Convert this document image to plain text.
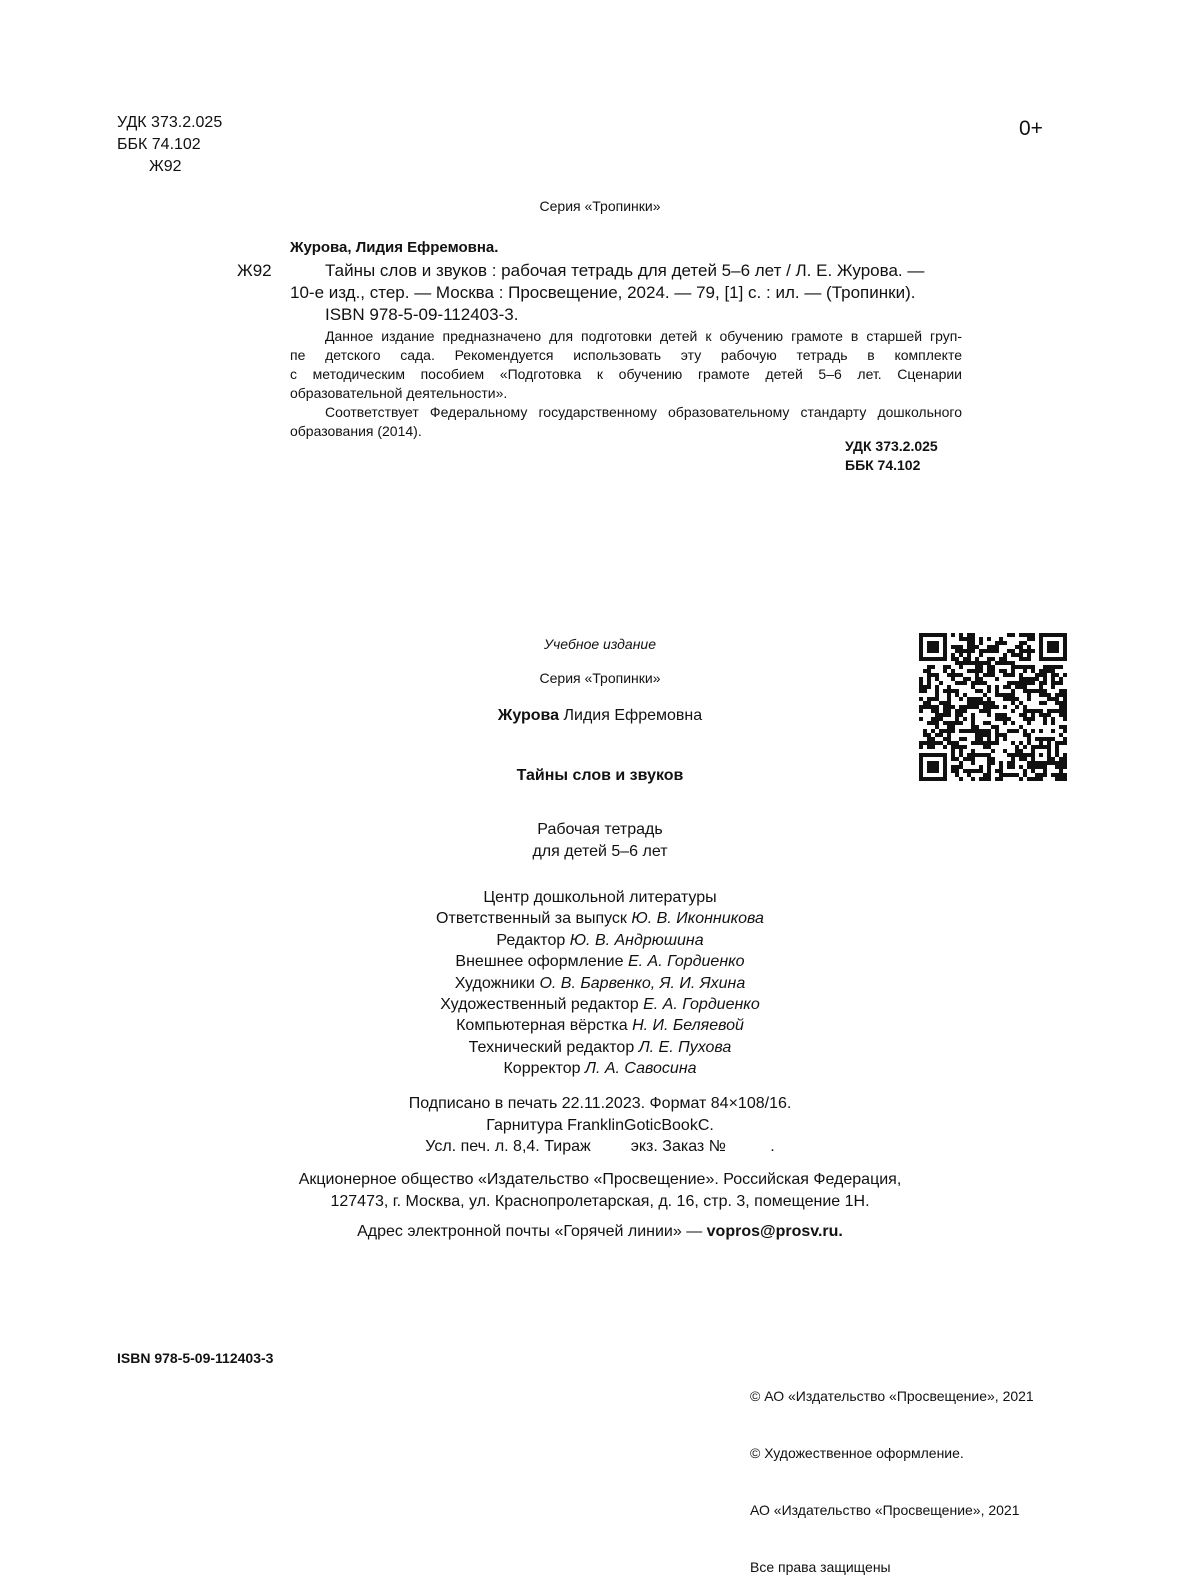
УДК 373.2.025
ББК 74.102
Ж92
0+
Серия «Тропинки»
Журова, Лидия Ефремовна.
Ж92	Тайны слов и звуков : рабочая тетрадь для детей 5–6 лет / Л. Е. Журова. —
10-е изд., стер. — Москва : Просвещение, 2024. — 79, [1] с. : ил. — (Тропинки).
ISBN 978-5-09-112403-3.
Данное издание предназначено для подготовки детей к обучению грамоте в старшей груп-
пе детского сада. Рекомендуется использовать эту рабочую тетрадь в комплекте
с методическим пособием «Подготовка к обучению грамоте детей 5–6 лет. Сценарии
образовательной деятельности».
Соответствует Федеральному государственному образовательному стандарту дошкольного
образования (2014).
УДК 373.2.025
ББК 74.102
Учебное издание
Серия «Тропинки»
Журова Лидия Ефремовна
Тайны слов и звуков
Рабочая тетрадь
для детей 5–6 лет
Центр дошкольной литературы
Ответственный за выпуск Ю. В. Иконникова
Редактор Ю. В. Андрюшина
Внешнее оформление Е. А. Гордиенко
Художники О. В. Барвенко, Я. И. Яхина
Художественный редактор Е. А. Гордиенко
Компьютерная вёрстка Н. И. Беляевой
Технический редактор Л. Е. Пухова
Корректор Л. А. Савосина
Подписано в печать 22.11.2023. Формат 84×108/16.
Гарнитура FranklinGoticBookC.
Усл. печ. л. 8,4. Тираж         экз. Заказ №          .
Акционерное общество «Издательство «Просвещение». Российская Федерация,
127473, г. Москва, ул. Краснопролетарская, д. 16, стр. 3, помещение 1Н.
Адрес электронной почты «Горячей линии» — vopros@prosv.ru.
ISBN 978-5-09-112403-3

© АО «Издательство «Просвещение», 2021

© Художественное оформление.

АО «Издательство «Просвещение», 2021

Все права защищены
